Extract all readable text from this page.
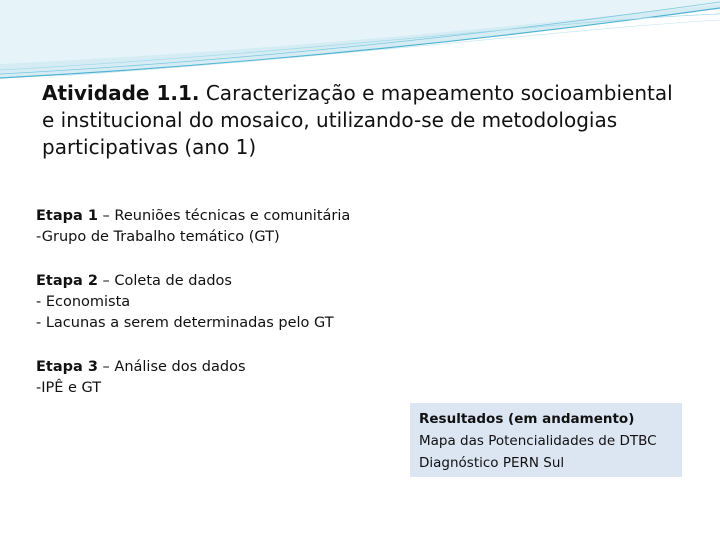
Atividade 1.1. Caracterização e mapeamento socioambiental e institucional do mosaico, utilizando-se de metodologias participativas (ano 1)
Etapa 1 – Reuniões técnicas e comunitária
-Grupo de Trabalho temático (GT)
Etapa 2 – Coleta de dados
- Economista
- Lacunas a serem determinadas pelo GT
Etapa 3 – Análise dos dados
-IPÊ e GT
Resultados (em andamento)
Mapa das Potencialidades de DTBC
Diagnóstico PERN Sul
